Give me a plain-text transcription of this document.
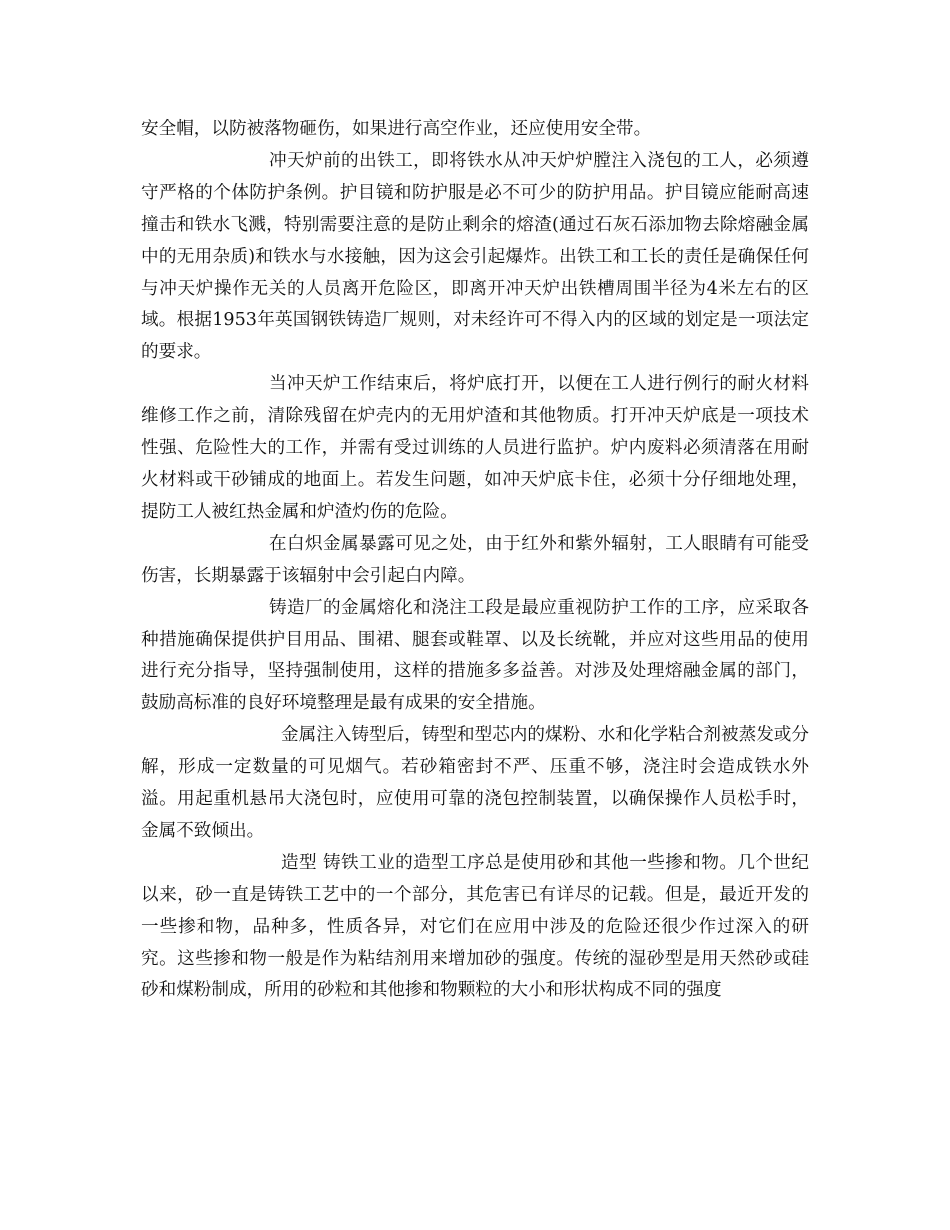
安全帽，以防被落物砸伤，如果进行高空作业，还应使用安全带。

冲天炉前的出铁工，即将铁水从冲天炉炉膛注入浇包的工人，必须遵守严格的个体防护条例。护目镜和防护服是必不可少的防护用品。护目镜应能耐高速撞击和铁水飞溅，特别需要注意的是防止剩余的熔渣(通过石灰石添加物去除熔融金属中的无用杂质)和铁水与水接触，因为这会引起爆炸。出铁工和工长的责任是确保任何与冲天炉操作无关的人员离开危险区，即离开冲天炉出铁槽周围半径为4米左右的区域。根据1953年英国钢铁铸造厂规则，对未经许可不得入内的区域的划定是一项法定的要求。

当冲天炉工作结束后，将炉底打开，以便在工人进行例行的耐火材料维修工作之前，清除残留在炉壳内的无用炉渣和其他物质。打开冲天炉底是一项技术性强、危险性大的工作，并需有受过训练的人员进行监护。炉内废料必须清落在用耐火材料或干砂铺成的地面上。若发生问题，如冲天炉底卡住，必须十分仔细地处理，提防工人被红热金属和炉渣灼伤的危险。

在白炽金属暴露可见之处，由于红外和紫外辐射，工人眼睛有可能受伤害，长期暴露于该辐射中会引起白内障。

铸造厂的金属熔化和浇注工段是最应重视防护工作的工序，应采取各种措施确保提供护目用品、围裙、腿套或鞋罩、以及长统靴，并应对这些用品的使用进行充分指导，坚持强制使用，这样的措施多多益善。对涉及处理熔融金属的部门，鼓励高标准的良好环境整理是最有成果的安全措施。

金属注入铸型后，铸型和型芯内的煤粉、水和化学粘合剂被蒸发或分解，形成一定数量的可见烟气。若砂箱密封不严、压重不够，浇注时会造成铁水外溢。用起重机悬吊大浇包时，应使用可靠的浇包控制装置，以确保操作人员松手时，金属不致倾出。

造型 铸铁工业的造型工序总是使用砂和其他一些掺和物。几个世纪以来，砂一直是铸铁工艺中的一个部分，其危害已有详尽的记载。但是，最近开发的一些掺和物，品种多，性质各异，对它们在应用中涉及的危险还很少作过深入的研究。这些掺和物一般是作为粘结剂用来增加砂的强度。传统的湿砂型是用天然砂或硅砂和煤粉制成，所用的砂粒和其他掺和物颗粒的大小和形状构成不同的强度
